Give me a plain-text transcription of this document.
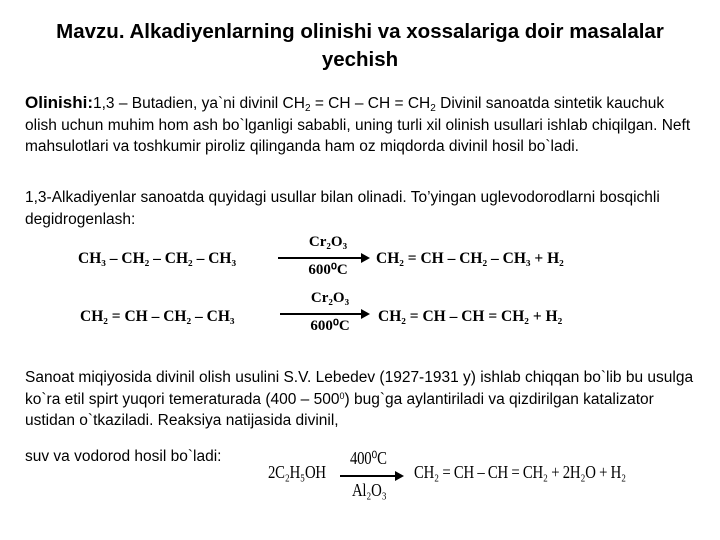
Mavzu. Alkadiyenlarning olinishi va xossalariga doir masalalar yechish
Olinishi:1,3 – Butadien, ya`ni divinil $CH_2$ = CH – CH = $CH_2$ Divinil sanoatda sintetik kauchuk olish uchun muhim hom ash bo`lganligi sababli, uning turli xil olinish usullari ishlab chiqilgan. Neft mahsulotlari va toshkumir piroliz qilinganda ham oz miqdorda divinil hosil bo`ladi.
1,3-Alkadiyenlar sanoatda quyidagi usullar bilan olinadi. To’yingan uglevodorodlarni bosqichli degidrogenlash:
CH₃ – CH₂ – CH₂ – CH₃
Cr₂O₃
600⁰C
CH₂ = CH – CH₂ – CH₃ + H₂
CH₂ = CH – CH₂ – CH₃
Cr₂O₃
600⁰C
CH₂ = CH – CH = CH₂ + H₂
Sanoat miqiyosida divinil olish usulini S.V. Lebedev (1927-1931 y) ishlab chiqqan bo`lib bu usulga ko`ra etil spirt yuqori temeraturada $(400 - 500^0)$ bug`ga aylantiriladi va qizdirilgan katalizator ustidan o`tkaziladi. Reaksiya natijasida divinil,
suv va vodorod hosil bo`ladi:
2C₂H₅OH
400⁰C
Al₂O₃
CH₂ = CH – CH = CH₂ + 2H₂O + H₂
